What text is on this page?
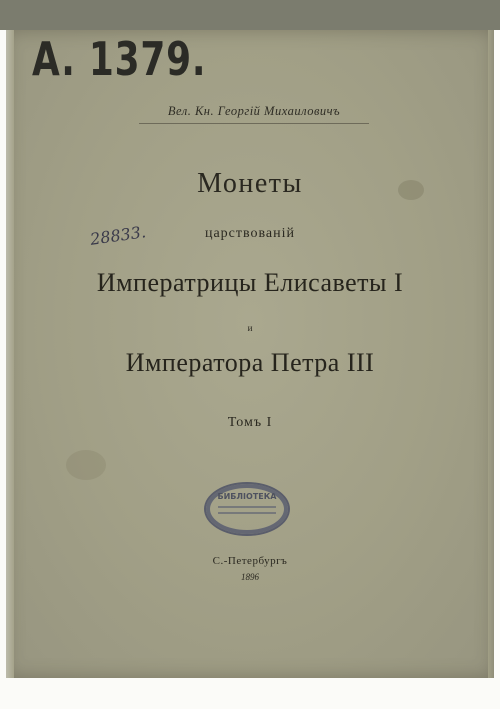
A. 1379.
Вел. Кн. Георгій Михаиловичъ
Монеты
28833.	царствованій
Императрицы Елисаветы I
и
Императора Петра III
Томъ I
БИБЛІОТЕКА
С.-Петербургъ
1896
